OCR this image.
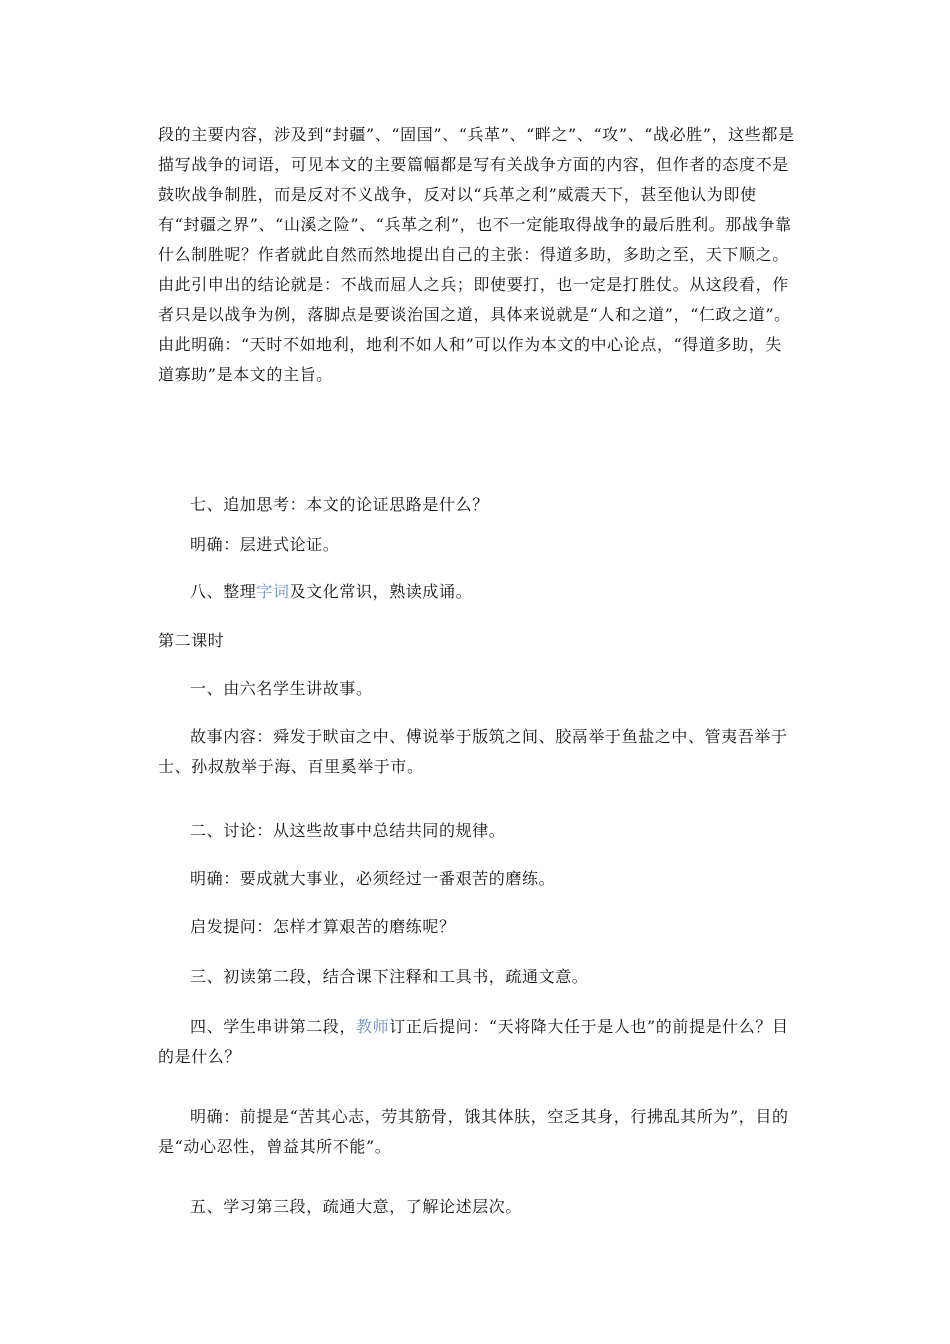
段的主要内容，涉及到“封疆”、“固国”、“兵革”、“畔之”、“攻”、“战必胜”，这些都是描写战争的词语，可见本文的主要篇幅都是写有关战争方面的内容，但作者的态度不是鼓吹战争制胜，而是反对不义战争，反对以“兵革之利”威震天下，甚至他认为即使有“封疆之界”、“山溪之险”、“兵革之利”，也不一定能取得战争的最后胜利。那战争靠什么制胜呢？作者就此自然而然地提出自己的主张：得道多助，多助之至，天下顺之。由此引申出的结论就是：不战而屈人之兵；即使要打，也一定是打胜仗。从这段看，作者只是以战争为例，落脚点是要谈治国之道，具体来说就是“人和之道”，“仁政之道”。由此明确：“天时不如地利，地利不如人和”可以作为本文的中心论点，“得道多助，失道寡助”是本文的主旨。

七、追加思考：本文的论证思路是什么？

明确：层进式论证。

八、整理字词及文化常识，熟读成诵。

第二课时

一、由六名学生讲故事。

故事内容：舜发于畎亩之中、傅说举于版筑之间、胶鬲举于鱼盐之中、管夷吾举于士、孙叔敖举于海、百里奚举于市。

二、讨论：从这些故事中总结共同的规律。

明确：要成就大事业，必须经过一番艰苦的磨练。

启发提问：怎样才算艰苦的磨练呢？

三、初读第二段，结合课下注释和工具书，疏通文意。

四、学生串讲第二段，教师订正后提问：“天将降大任于是人也”的前提是什么？目的是什么？

明确：前提是“苦其心志，劳其筋骨，饿其体肤，空乏其身，行拂乱其所为”，目的是“动心忍性，曾益其所不能”。

五、学习第三段，疏通大意，了解论述层次。
